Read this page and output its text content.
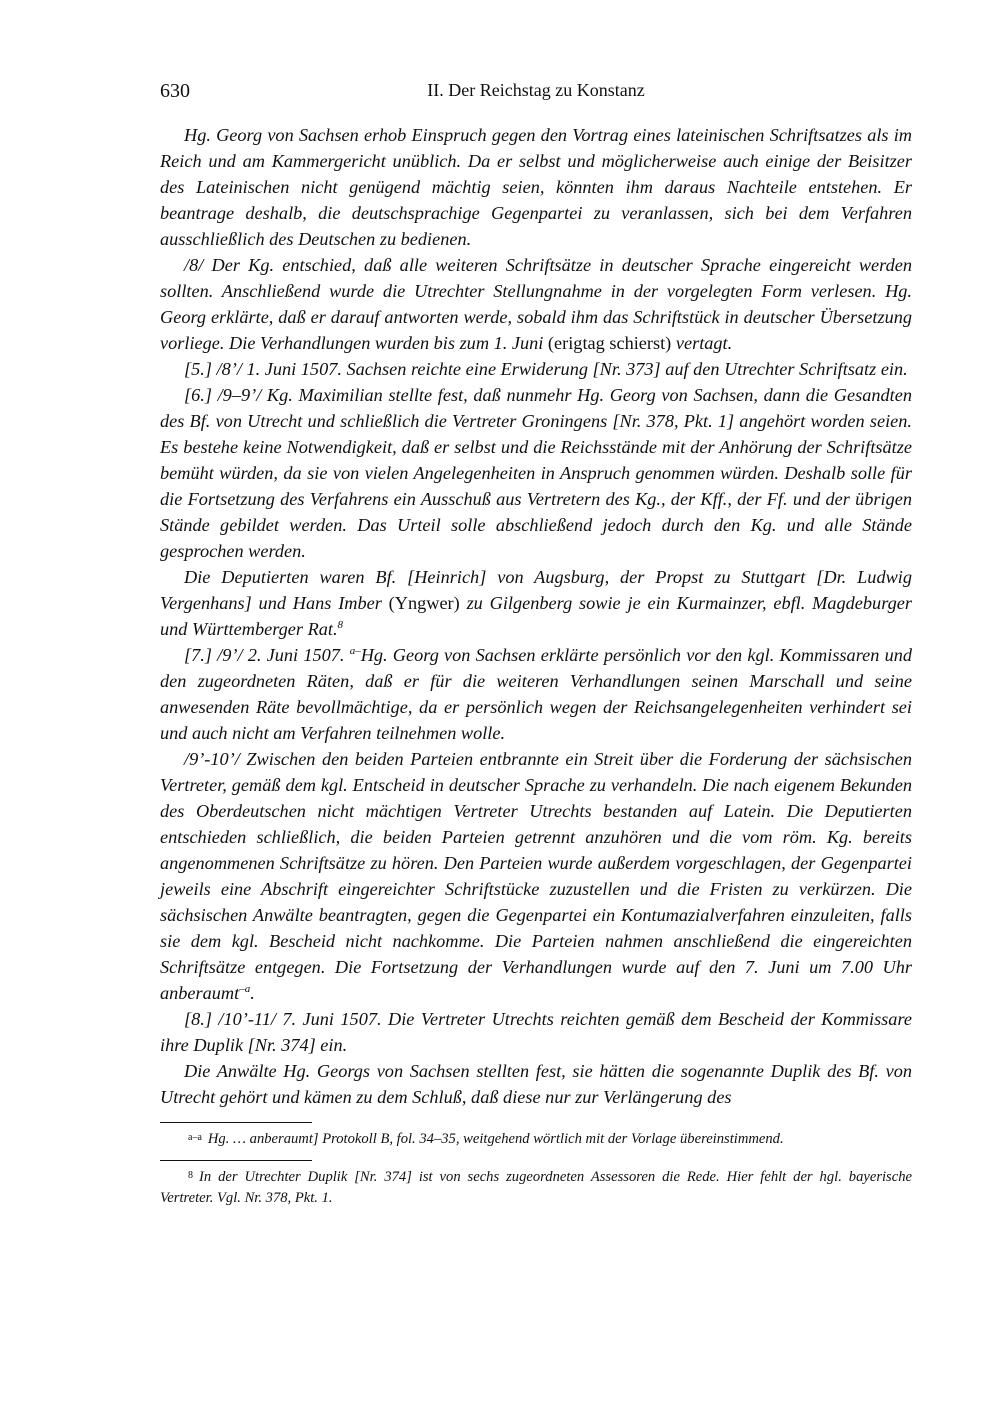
630	II. Der Reichstag zu Konstanz

Hg. Georg von Sachsen erhob Einspruch gegen den Vortrag eines lateinischen Schriftsatzes als im Reich und am Kammergericht unüblich. Da er selbst und möglicherweise auch einige der Beisitzer des Lateinischen nicht genügend mächtig seien, könnten ihm daraus Nachteile entstehen. Er beantrage deshalb, die deutschsprachige Gegenpartei zu veranlassen, sich bei dem Verfahren ausschließlich des Deutschen zu bedienen.

/8/ Der Kg. entschied, daß alle weiteren Schriftsätze in deutscher Sprache eingereicht werden sollten. Anschließend wurde die Utrechter Stellungnahme in der vorgelegten Form verlesen. Hg. Georg erklärte, daß er darauf antworten werde, sobald ihm das Schriftstück in deutscher Übersetzung vorliege. Die Verhandlungen wurden bis zum 1. Juni (erigtag schierst) vertagt.

[5.] /8’/ 1. Juni 1507. Sachsen reichte eine Erwiderung [Nr. 373] auf den Utrechter Schriftsatz ein.

[6.] /9–9’/ Kg. Maximilian stellte fest, daß nunmehr Hg. Georg von Sachsen, dann die Gesandten des Bf. von Utrecht und schließlich die Vertreter Groningens [Nr. 378, Pkt. 1] angehört worden seien. Es bestehe keine Notwendigkeit, daß er selbst und die Reichsstände mit der Anhörung der Schriftsätze bemüht würden, da sie von vielen Angelegenheiten in Anspruch genommen würden. Deshalb solle für die Fortsetzung des Verfahrens ein Ausschuß aus Vertretern des Kg., der Kff., der Ff. und der übrigen Stände gebildet werden. Das Urteil solle abschließend jedoch durch den Kg. und alle Stände gesprochen werden.

Die Deputierten waren Bf. [Heinrich] von Augsburg, der Propst zu Stuttgart [Dr. Ludwig Vergenhans] und Hans Imber (Yngwer) zu Gilgenberg sowie je ein Kurmainzer, ebfl. Magdeburger und Württemberger Rat.$^8$

[7.] /9’/ 2. Juni 1507. $^{a-}$Hg. Georg von Sachsen erklärte persönlich vor den kgl. Kommissaren und den zugeordneten Räten, daß er für die weiteren Verhandlungen seinen Marschall und seine anwesenden Räte bevollmächtige, da er persönlich wegen der Reichsangelegenheiten verhindert sei und auch nicht am Verfahren teilnehmen wolle.

/9’-10’/ Zwischen den beiden Parteien entbrannte ein Streit über die Forderung der sächsischen Vertreter, gemäß dem kgl. Entscheid in deutscher Sprache zu verhandeln. Die nach eigenem Bekunden des Oberdeutschen nicht mächtigen Vertreter Utrechts bestanden auf Latein. Die Deputierten entschieden schließlich, die beiden Parteien getrennt anzuhören und die vom röm. Kg. bereits angenommenen Schriftsätze zu hören. Den Parteien wurde außerdem vorgeschlagen, der Gegenpartei jeweils eine Abschrift eingereichter Schriftstücke zuzustellen und die Fristen zu verkürzen. Die sächsischen Anwälte beantragten, gegen die Gegenpartei ein Kontumazialverfahren einzuleiten, falls sie dem kgl. Bescheid nicht nachkomme. Die Parteien nahmen anschließend die eingereichten Schriftsätze entgegen. Die Fortsetzung der Verhandlungen wurde auf den 7. Juni um 7.00 Uhr anberaumt$^{-a}$.

[8.] /10’-11/ 7. Juni 1507. Die Vertreter Utrechts reichten gemäß dem Bescheid der Kommissare ihre Duplik [Nr. 374] ein.

Die Anwälte Hg. Georgs von Sachsen stellten fest, sie hätten die sogenannte Duplik des Bf. von Utrecht gehört und kämen zu dem Schluß, daß diese nur zur Verlängerung des

$^{a-a}$ Hg. … anberaumt] Protokoll B, fol. 34–35, weitgehend wörtlich mit der Vorlage übereinstimmend.

$^8$ In der Utrechter Duplik [Nr. 374] ist von sechs zugeordneten Assessoren die Rede. Hier fehlt der hgl. bayerische Vertreter. Vgl. Nr. 378, Pkt. 1.
